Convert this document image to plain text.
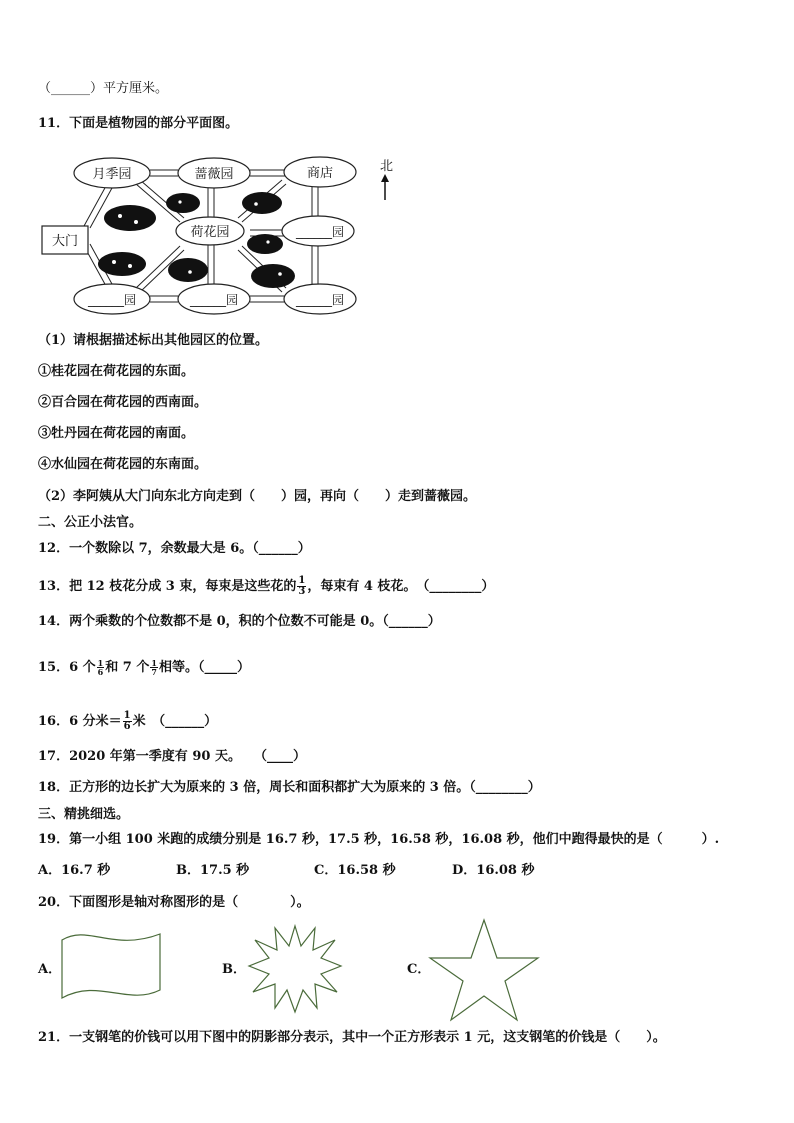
（______）平方厘米。
11．下面是植物园的部分平面图。
月季园	蔷薇园	商店
荷花园
大门
______园
______园	______园	______园
北
（1）请根据描述标出其他园区的位置。
①桂花园在荷花园的东面。
②百合园在荷花园的西南面。
③牡丹园在荷花园的南面。
④水仙园在荷花园的东南面。
（2）李阿姨从大门向东北方向走到（　　）园，再向（　　）走到蔷薇园。
二、公正小法官。
12．一个数除以 7，余数最大是 6。（______）
13．把 12 枝花分成 3 束，每束是这些花的 $\frac{1}{3}$ ，每束有 4 枝花。　（________）
14．两个乘数的个位数都不是 0，积的个位数不可能是 0。（______）
15．6 个 $\frac{1}{6}$ 和 7 个 $\frac{1}{7}$ 相等。（_____）
16．6 分米＝ $\frac{1}{6}$ 米　（______）
17．2020 年第一季度有 90 天。　　（____）
18．正方形的边长扩大为原来的 3 倍，周长和面积都扩大为原来的 3 倍。（________）
三、精挑细选。
19．第一小组 100 米跑的成绩分别是 16.7 秒，17.5 秒，16.58 秒，16.08 秒，他们中跑得最快的是（　　　）.
A．16.7 秒	B．17.5 秒	C．16.58 秒	D．16.08 秒
20．下面图形是轴对称图形的是（　　　　）。
A．	B．	C．
21．一支钢笔的价钱可以用下图中的阴影部分表示，其中一个正方形表示 1 元，这支钢笔的价钱是（　　）。
